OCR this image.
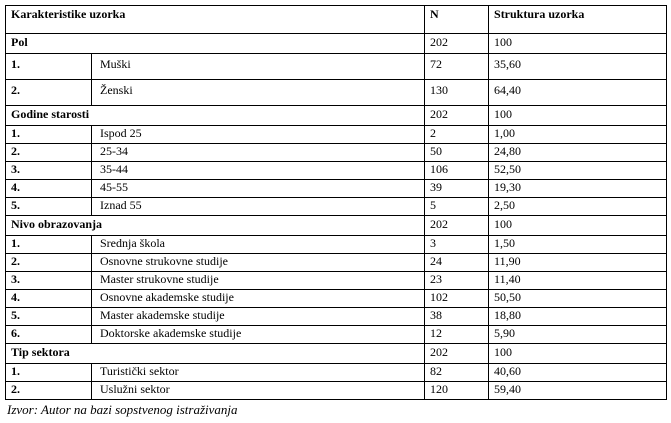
Karakteristike uzorka		N	Struktura uzorka
Pol		202	100
1.	Muški	72	35,60
2.	Ženski	130	64,40
Godine starosti		202	100
1.	Ispod 25	2	1,00
2.	25-34	50	24,80
3.	35-44	106	52,50
4.	45-55	39	19,30
5.	Iznad 55	5	2,50
Nivo obrazovanja		202	100
1.	Srednja škola	3	1,50
2.	Osnovne strukovne studije	24	11,90
3.	Master strukovne studije	23	11,40
4.	Osnovne akademske studije	102	50,50
5.	Master akademske studije	38	18,80
6.	Doktorske akademske studije	12	5,90
Tip sektora		202	100
1.	Turistički sektor	82	40,60
2.	Uslužni sektor	120	59,40
Izvor: Autor na bazi sopstvenog istraživanja
